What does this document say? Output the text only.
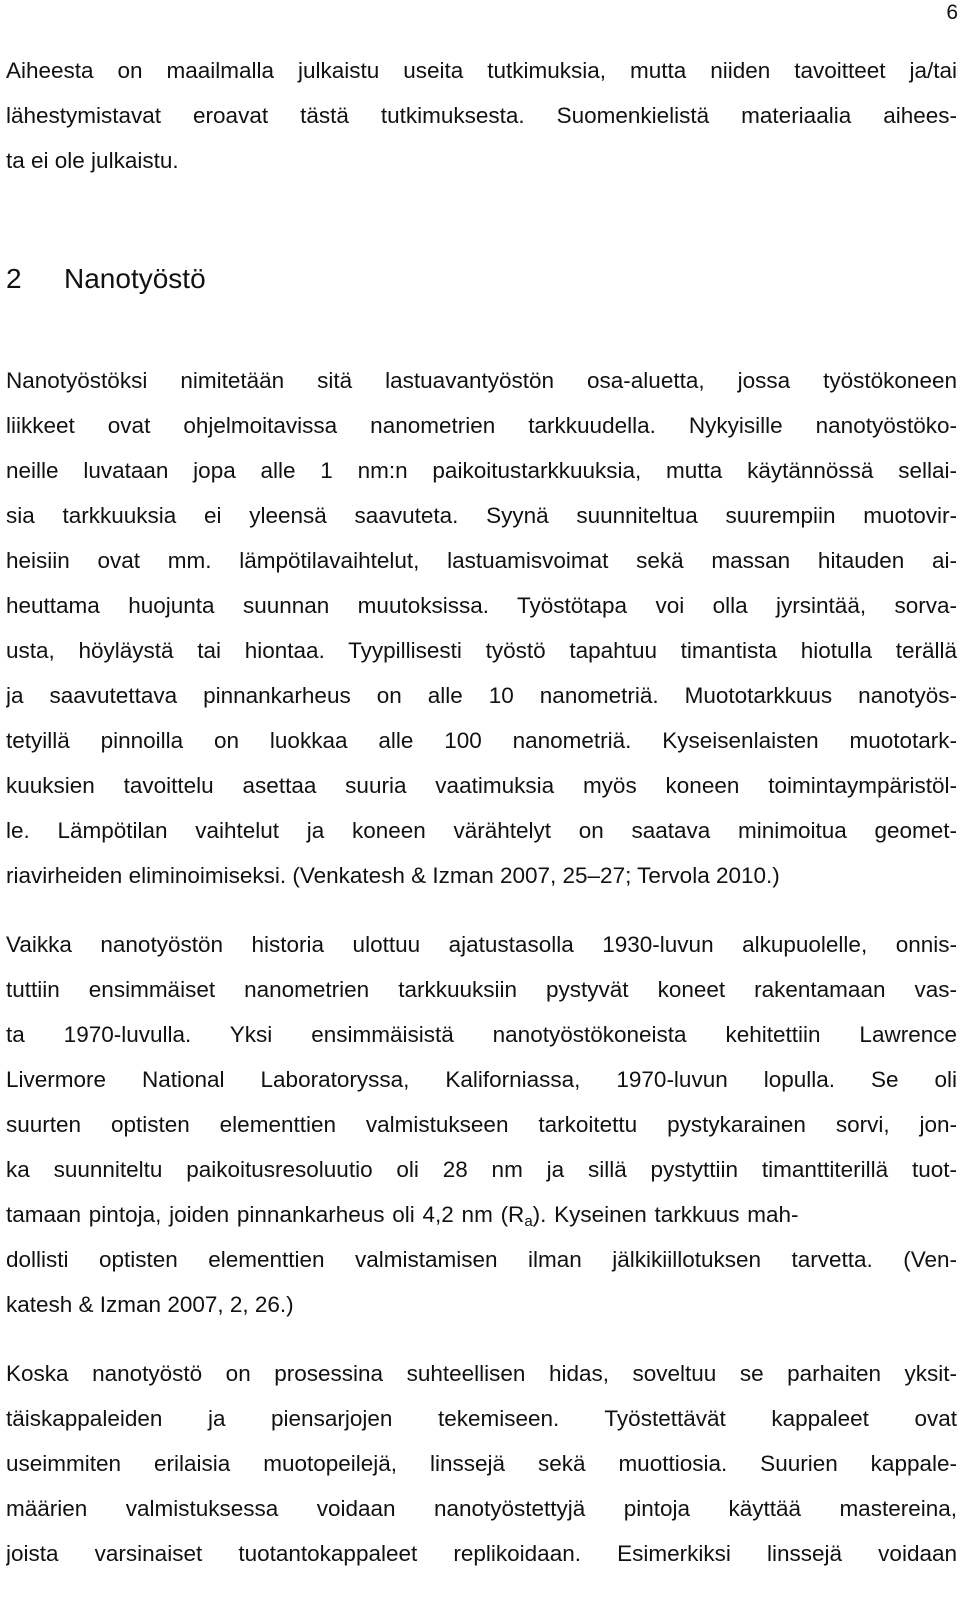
6
Aiheesta on maailmalla julkaistu useita tutkimuksia, mutta niiden tavoitteet ja/tai
lähestymistavat eroavat tästä tutkimuksesta. Suomenkielistä materiaalia aihees-
ta ei ole julkaistu.
2 Nanotyöstö
Nanotyöstöksi nimitetään sitä lastuavantyöstön osa-aluetta, jossa työstökoneen
liikkeet ovat ohjelmoitavissa nanometrien tarkkuudella. Nykyisille nanotyöstöko-
neille luvataan jopa alle 1 nm:n paikoitustarkkuuksia, mutta käytännössä sellai-
sia tarkkuuksia ei yleensä saavuteta. Syynä suunniteltua suurempiin muotovir-
heisiin ovat mm. lämpötilavaihtelut, lastuamisvoimat sekä massan hitauden ai-
heuttama huojunta suunnan muutoksissa. Työstötapa voi olla jyrsintää, sorva-
usta, höyläystä tai hiontaa. Tyypillisesti työstö tapahtuu timantista hiotulla terällä
ja saavutettava pinnankarheus on alle 10 nanometriä. Muototarkkuus nanotyös-
tetyillä pinnoilla on luokkaa alle 100 nanometriä. Kyseisenlaisten muototark-
kuuksien tavoittelu asettaa suuria vaatimuksia myös koneen toimintaympäristöl-
le. Lämpötilan vaihtelut ja koneen värähtelyt on saatava minimoitua geomet-
riavirheiden eliminoimiseksi. (Venkatesh & Izman 2007, 25–27; Tervola 2010.)
Vaikka nanotyöstön historia ulottuu ajatustasolla 1930-luvun alkupuolelle, onnis-
tuttiin ensimmäiset nanometrien tarkkuuksiin pystyvät koneet rakentamaan vas-
ta 1970-luvulla. Yksi ensimmäisistä nanotyöstökoneista kehitettiin Lawrence
Livermore National Laboratoryssa, Kaliforniassa, 1970-luvun lopulla. Se oli
suurten optisten elementtien valmistukseen tarkoitettu pystykarainen sorvi, jon-
ka suunniteltu paikoitusresoluutio oli 28 nm ja sillä pystyttiin timanttiterillä tuot-
tamaan pintoja, joiden pinnankarheus oli 4,2 nm $(R_a)$. Kyseinen tarkkuus mah-
dollisti optisten elementtien valmistamisen ilman jälkikiillotuksen tarvetta. (Ven-
katesh & Izman 2007, 2, 26.)
Koska nanotyöstö on prosessina suhteellisen hidas, soveltuu se parhaiten yksit-
täiskappaleiden ja piensarjojen tekemiseen. Työstettävät kappaleet ovat
useimmiten erilaisia muotopeilejä, linssejä sekä muottiosia. Suurien kappale-
määrien valmistuksessa voidaan nanotyöstettyjä pintoja käyttää mastereina,
joista varsinaiset tuotantokappaleet replikoidaan. Esimerkiksi linssejä voidaan
